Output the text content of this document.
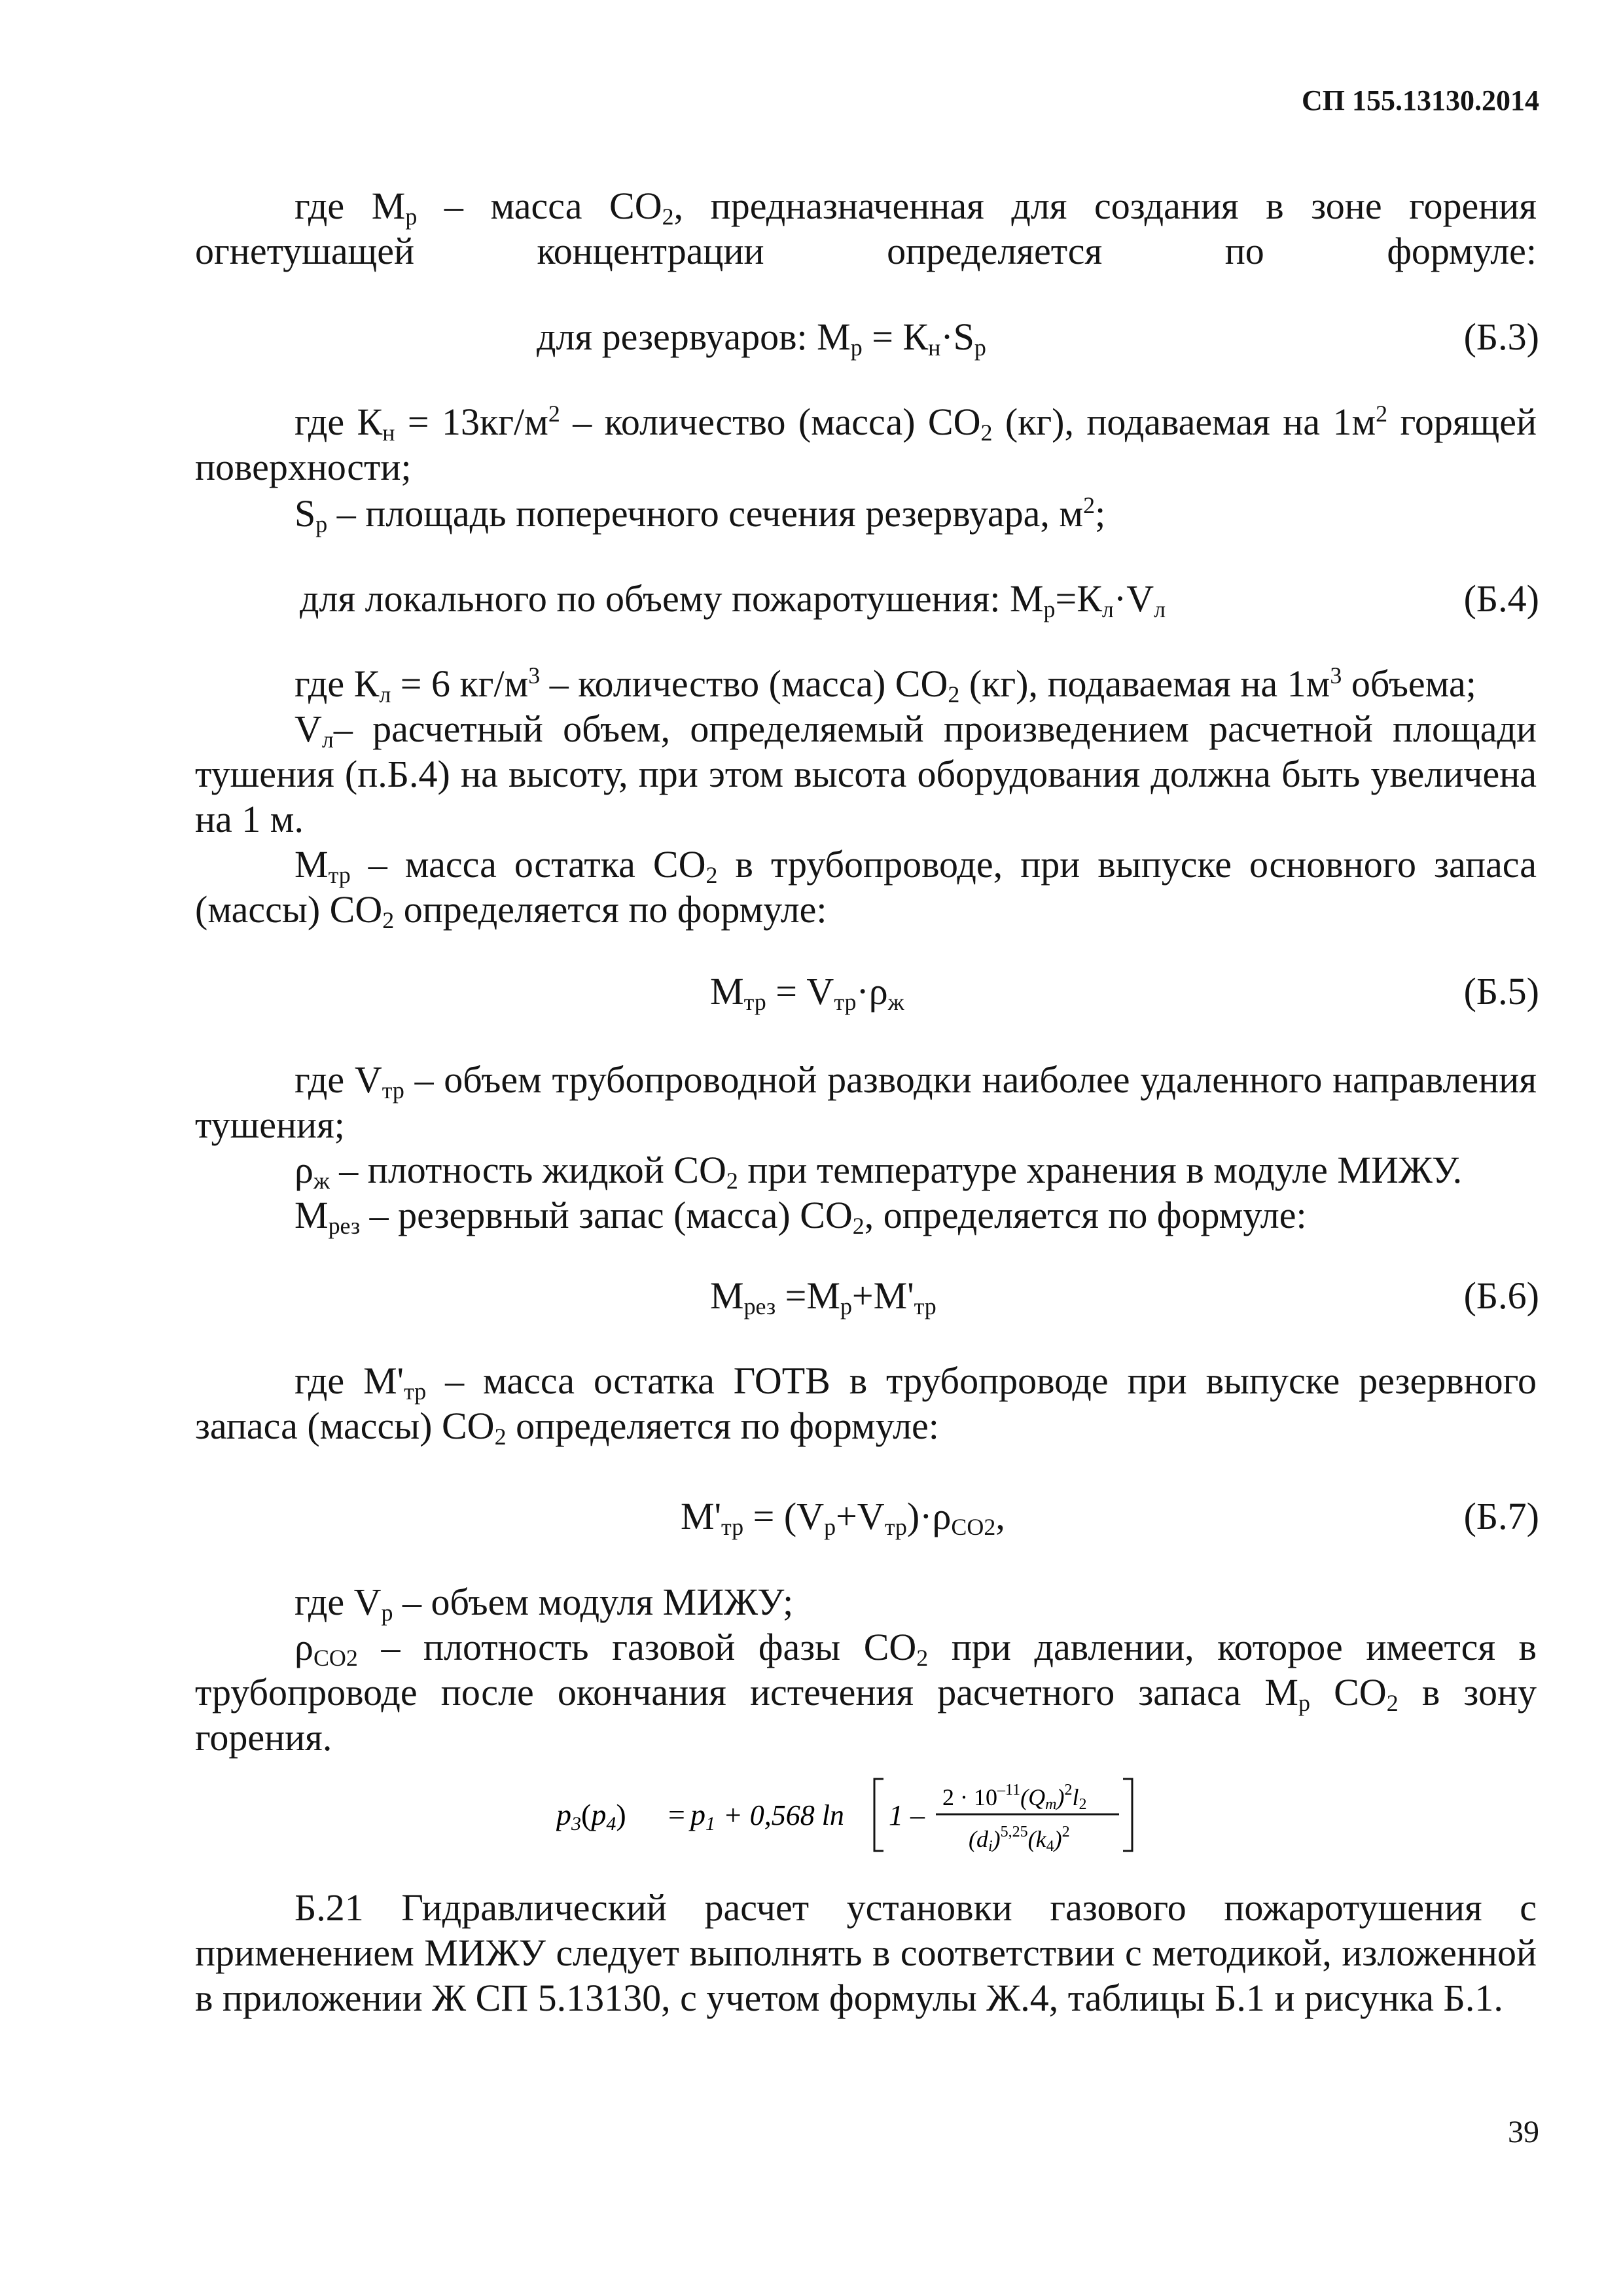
СП 155.13130.2014
где $M_р$ – масса $СO_2$, предназначенная для создания в зоне горения огнетушащей концентрации определяется по формуле:
для резервуаров: $M_р = К_н\cdot S_р$	(Б.3)
где $К_н = 13кг/м^2$ – количество (масса) $СO_2$ (кг), подаваемая на $1м^2$ горящей поверхности;
$S_р$ – площадь поперечного сечения резервуара, $м^2$;
для локального по объему пожаротушения: $M_р=К_л\cdot V_л$	(Б.4)
где $К_л = 6$ $кг/м^3$ – количество (масса) $СO_2$ (кг), подаваемая на $1м^3$ объема;
$V_л-$ расчетный объем, определяемый произведением расчетной площади тушения (п.Б.4) на высоту, при этом высота оборудования должна быть увеличена на 1 м.
$M_{тр}$ – масса остатка $СO_2$ в трубопроводе, при выпуске основного запаса (массы) $СO_2$ определяется по формуле:
$M_{тр} = V_{тр}\cdot\rho_ж$	(Б.5)
где $V_{тр}$ – объем трубопроводной разводки наиболее удаленного направления тушения;
$\rho_ж$ – плотность жидкой $СO_2$ при температуре хранения в модуле МИЖУ.
$M_{рез}$ – резервный запас (масса) $СO_2$, определяется по формуле:
$M_{рез} =M_р+M'_{тр}$	(Б.6)
где $M'_{тр}$ – масса остатка ГОТВ в трубопроводе при выпуске резервного запаса (массы) $СO_2$ определяется по формуле:
$M'_{тр} = (V_р+V_{тр})\cdot\rho_{CO2}$,	(Б.7)
где $V_р$ – объем модуля МИЖУ;
$\rho_{CO2}$ – плотность газовой фазы $СO_2$ при давлении, которое имеется в трубопроводе после окончания истечения расчетного запаса $M_р$ $СO_2$ в зону горения.
p3(p4) = p1 + 0,568 ln 1 –
$2 \cdot 10^{-11}(Qm)^2l2$
$(di)^{5,25}(k4)^2$
Б.21 Гидравлический расчет установки газового пожаротушения с применением МИЖУ следует выполнять в соответствии с методикой, изложенной в приложении Ж СП 5.13130, с учетом формулы Ж.4, таблицы Б.1 и рисунка Б.1.
39
